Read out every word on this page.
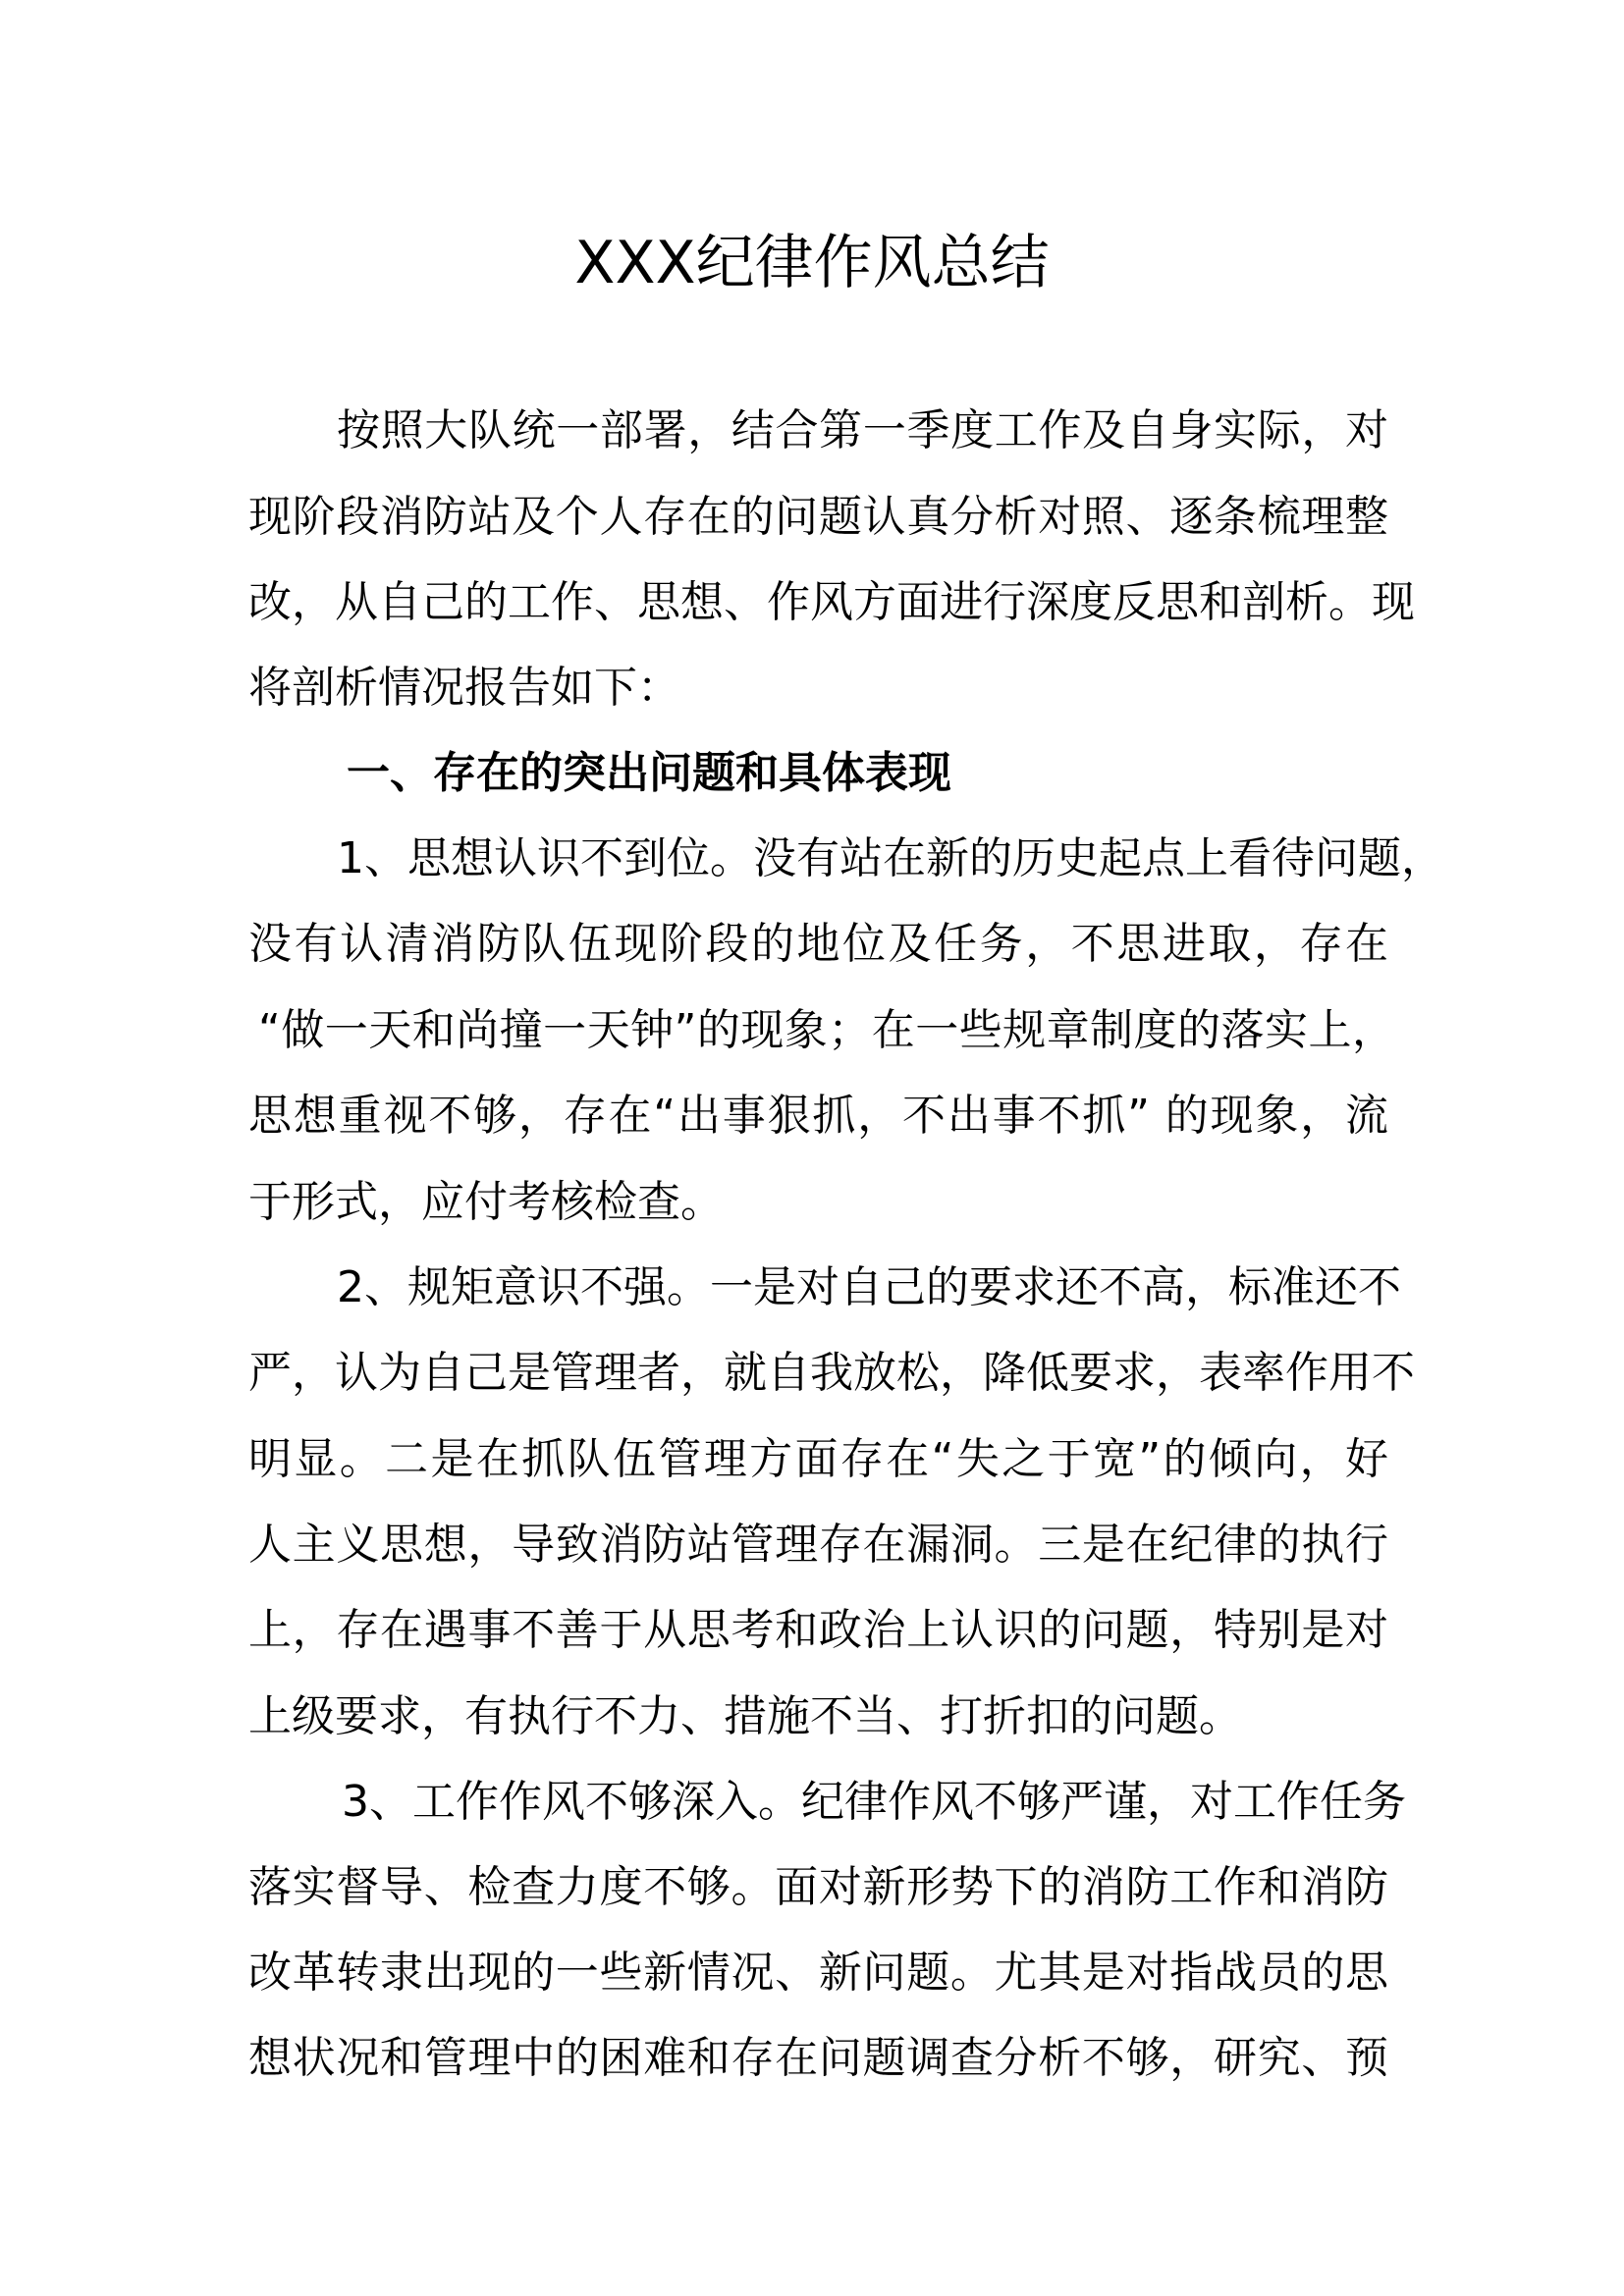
XXX纪律作风总结
按照大队统一部署，结合第一季度工作及自身实际，对
现阶段消防站及个人存在的问题认真分析对照、逐条梳理整
改，从自己的工作、思想、作风方面进行深度反思和剖析。现
将剖析情况报告如下：
一、存在的突出问题和具体表现
1、思想认识不到位。没有站在新的历史起点上看待问题，
没有认清消防队伍现阶段的地位及任务，不思进取，存在
“做一天和尚撞一天钟”的现象；在一些规章制度的落实上，
思想重视不够，存在“出事狠抓，不出事不抓” 的现象，流
于形式，应付考核检查。
2、规矩意识不强。一是对自己的要求还不高，标准还不
严，认为自己是管理者，就自我放松，降低要求，表率作用不
明显。二是在抓队伍管理方面存在“失之于宽”的倾向，好
人主义思想，导致消防站管理存在漏洞。三是在纪律的执行
上，存在遇事不善于从思考和政治上认识的问题，特别是对
上级要求，有执行不力、措施不当、打折扣的问题。
3、工作作风不够深入。纪律作风不够严谨，对工作任务
落实督导、检查力度不够。面对新形势下的消防工作和消防
改革转隶出现的一些新情况、新问题。尤其是对指战员的思
想状况和管理中的困难和存在问题调查分析不够，研究、预
